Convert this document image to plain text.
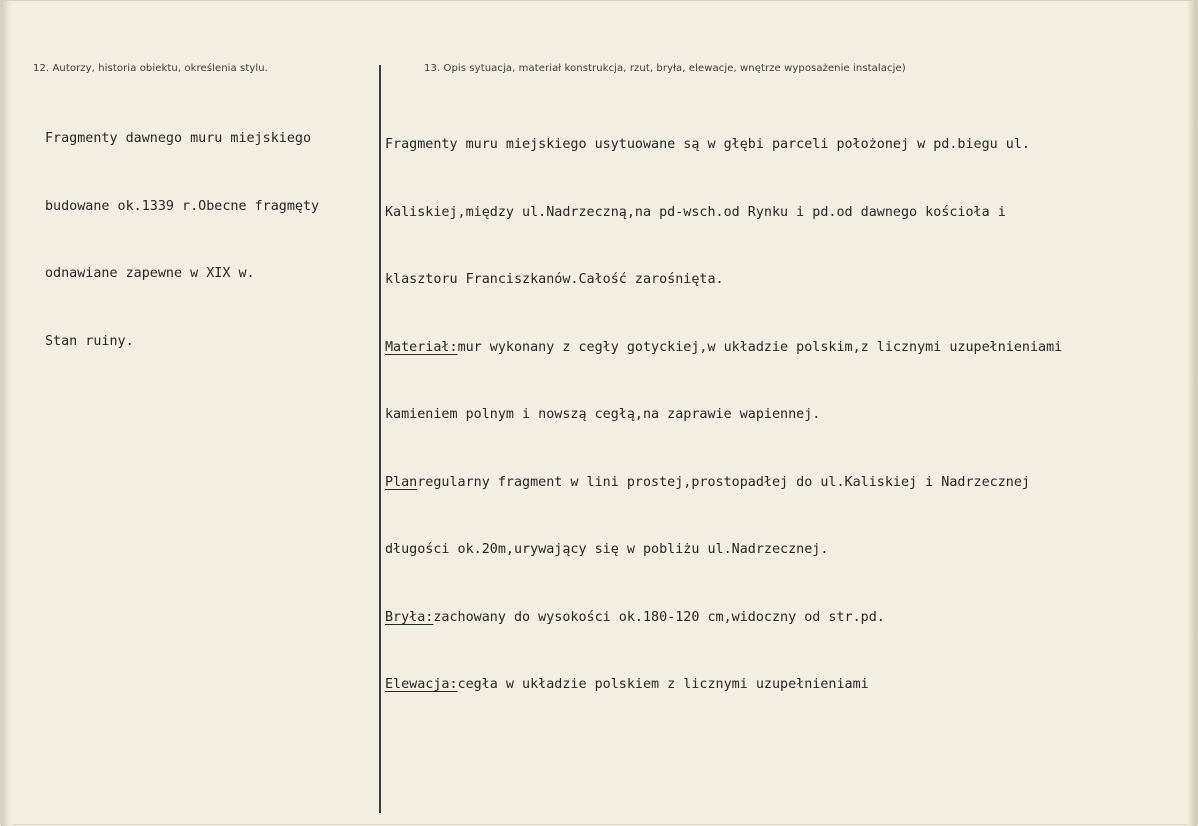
12. Autorzy, historia obiektu, określenia stylu.	13. Opis sytuacja, materiał konstrukcja, rzut, bryła, elewacje, wnętrze wyposażenie instalacje)

Fragmenty dawnego muru miejskiego

budowane ok.1339 r.Obecne fragmęty

odnawiane zapewne w XIX w.

Stan ruiny.

Fragmenty muru miejskiego usytuowane są w głębi parceli położonej w pd.biegu ul.

Kaliskiej,między ul.Nadrzeczną,na pd-wsch.od Rynku i pd.od dawnego kościoła i

klasztoru Franciszkanów.Całość zarośnięta.

Materiał:mur wykonany z cegły gotyckiej,w układzie polskim,z licznymi uzupełnieniami

kamieniem polnym i nowszą cegłą,na zaprawie wapiennej.

Planregularny fragment w lini prostej,prostopadłej do ul.Kaliskiej i Nadrzecznej

długości ok.20m,urywający się w pobliżu ul.Nadrzecznej.

Bryła:zachowany do wysokości ok.180-120 cm,widoczny od str.pd.

Elewacja:cegła w układzie polskiem z licznymi uzupełnieniami
